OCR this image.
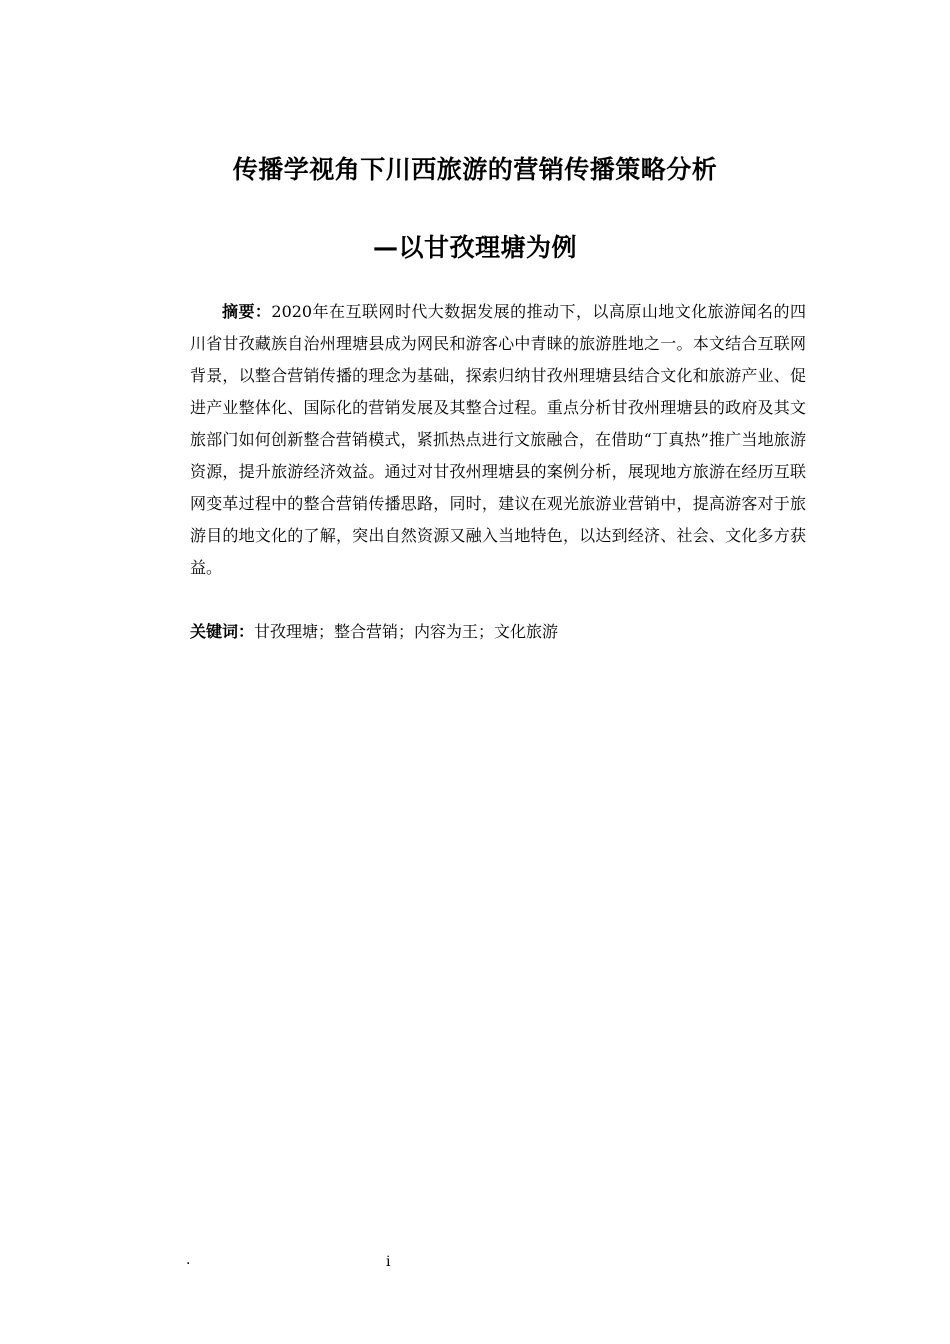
传播学视角下川西旅游的营销传播策略分析
—以甘孜理塘为例

摘要：2020年在互联网时代大数据发展的推动下，以高原山地文化旅游闻名的四川省甘孜藏族自治州理塘县成为网民和游客心中青睐的旅游胜地之一。本文结合互联网背景，以整合营销传播的理念为基础，探索归纳甘孜州理塘县结合文化和旅游产业、促进产业整体化、国际化的营销发展及其整合过程。重点分析甘孜州理塘县的政府及其文旅部门如何创新整合营销模式，紧抓热点进行文旅融合，在借助“丁真热”推广当地旅游资源，提升旅游经济效益。通过对甘孜州理塘县的案例分析，展现地方旅游在经历互联网变革过程中的整合营销传播思路，同时，建议在观光旅游业营销中，提高游客对于旅游目的地文化的了解，突出自然资源又融入当地特色，以达到经济、社会、文化多方获益。

关键词：甘孜理塘；整合营销；内容为王；文化旅游

.	i
